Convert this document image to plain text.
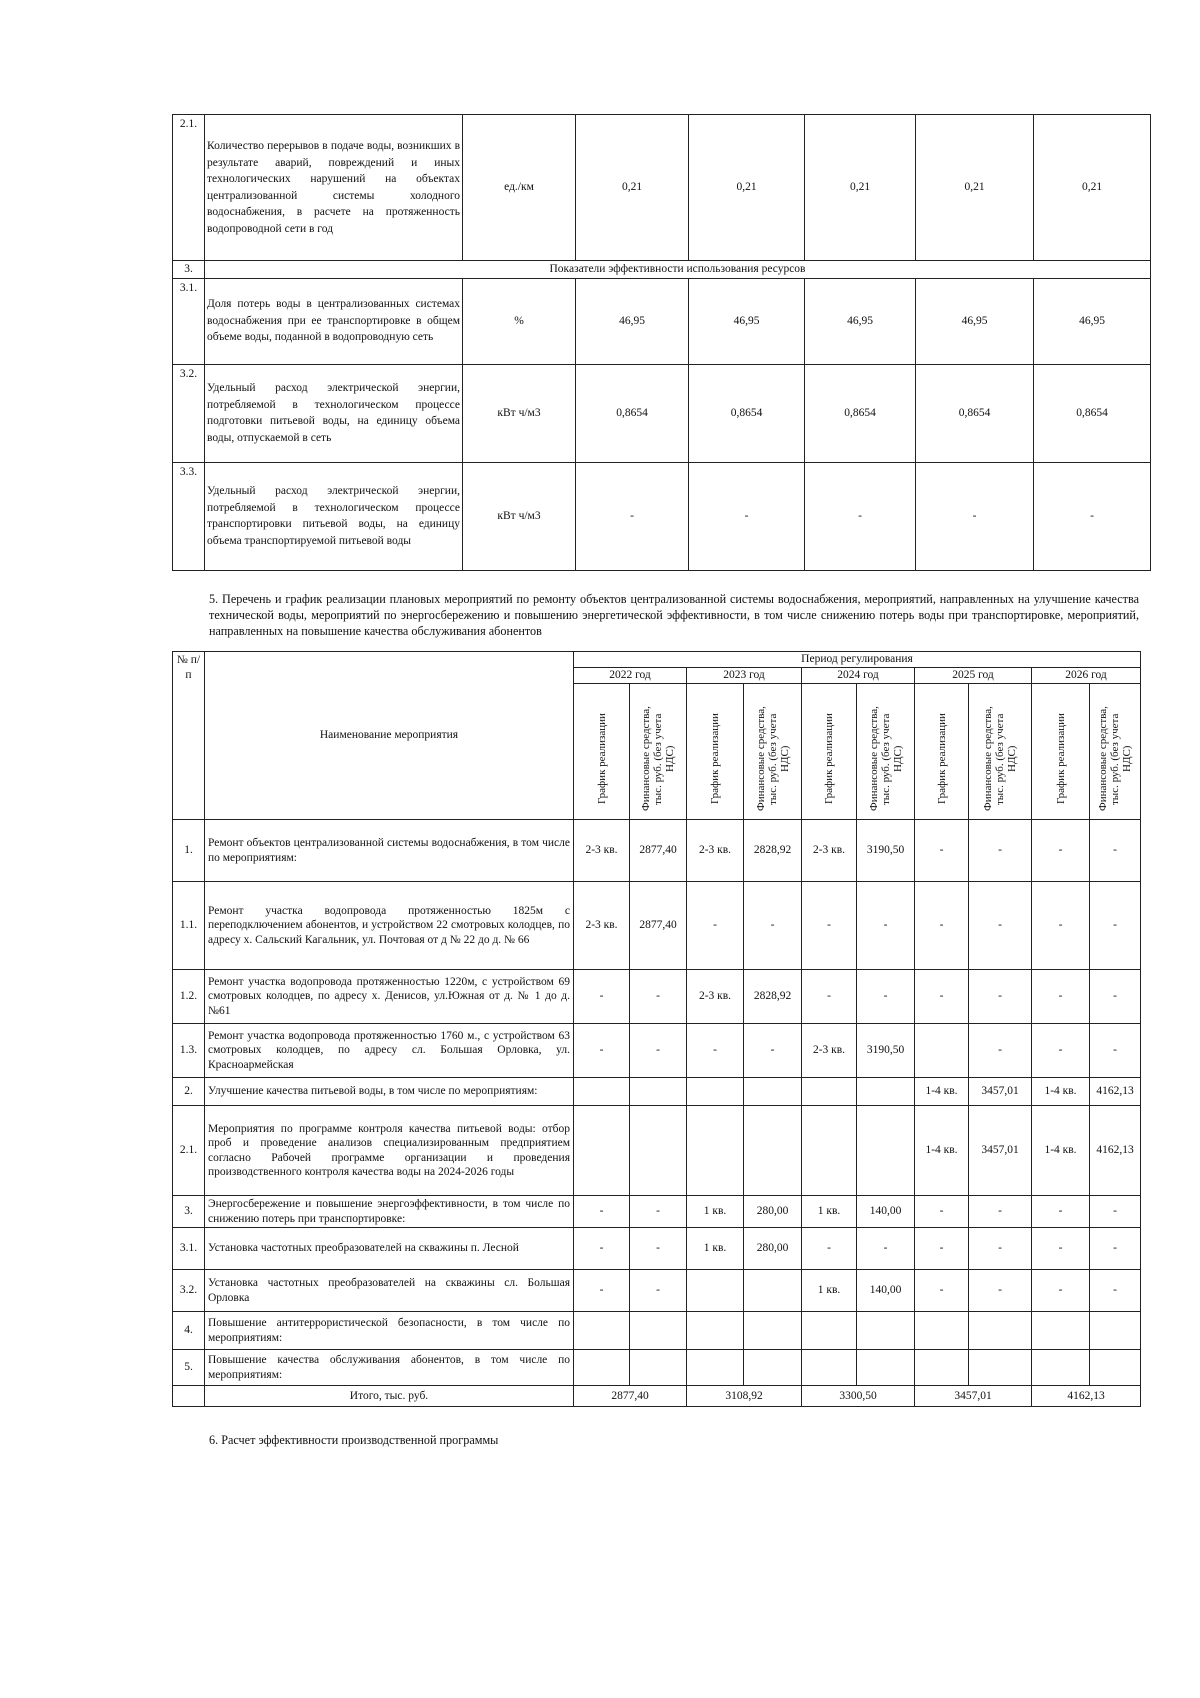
2.1.	Количество перерывов в подаче воды, возникших в результате аварий, повреждений и иных технологических нарушений на объектах централизованной системы холодного водоснабжения, в расчете на протяженность водопроводной сети в год	ед./км	0,21	0,21	0,21	0,21	0,21
3.	Показатели эффективности использования ресурсов						
3.1.	Доля потерь воды в централизованных системах водоснабжения при ее транспортировке в общем объеме воды, поданной в водопроводную сеть	%	46,95	46,95	46,95	46,95	46,95
3.2.	Удельный расход электрической энергии, потребляемой в технологическом процессе подготовки питьевой воды, на единицу объема воды, отпускаемой в сеть	кВт ч/м3	0,8654	0,8654	0,8654	0,8654	0,8654
3.3.	Удельный расход электрической энергии, потребляемой в технологическом процессе транспортировки питьевой воды, на единицу объема транспортируемой питьевой воды	кВт ч/м3	-	-	-	-	-
5. Перечень и график реализации плановых мероприятий по ремонту объектов централизованной системы водоснабжения, мероприятий, направленных на улучшение качества технической воды, мероприятий по энергосбережению и повышению энергетической эффективности, в том числе снижению потерь воды при транспортировке, мероприятий, направленных на повышение качества обслуживания абонентов
№ п/п	Наименование мероприятия	Период регулирования									
		2022 год		2023 год		2024 год		2025 год		2026 год	

		График реализации	Финансовые средства, тыс. руб. (без учета НДС)	График реализации	Финансовые средства, тыс. руб. (без учета НДС)	График реализации	Финансовые средства, тыс. руб. (без учета НДС)	График реализации	Финансовые средства, тыс. руб. (без учета НДС)	График реализации	Финансовые средства, тыс. руб. (без учета НДС)

1.	Ремонт объектов централизованной системы водоснабжения, в том числе по мероприятиям:	2-3 кв.	2877,40	2-3 кв.	2828,92	2-3 кв.	3190,50	-	-	-	-
1.1.	Ремонт участка водопровода протяженностью 1825м с переподключением абонентов, и устройством 22 смотровых колодцев, по адресу х. Сальский Кагальник, ул. Почтовая от д № 22 до д. № 66	2-3 кв.	2877,40	-	-	-	-	-	-	-	-
1.2.	Ремонт участка водопровода протяженностью 1220м, с устройством 69 смотровых колодцев, по адресу х. Денисов, ул.Южная от д. № 1 до д. №61	-	-	2-3 кв.	2828,92	-	-	-	-	-	-
1.3.	Ремонт участка водопровода протяженностью 1760 м., с устройством 63 смотровых колодцев, по адресу сл. Большая Орловка, ул. Красноармейская	-	-	-	-	2-3 кв.	3190,50		-	-	-
2.	Улучшение качества питьевой воды, в том числе по мероприятиям:							1-4 кв.	3457,01	1-4 кв.	4162,13
2.1.	Мероприятия по программе контроля качества питьевой воды: отбор проб и проведение анализов специализированным предприятием согласно Рабочей программе организации и проведения производственного контроля качества воды на 2024-2026 годы							1-4 кв.	3457,01	1-4 кв.	4162,13
3.	Энергосбережение и повышение энергоэффективности, в том числе по снижению потерь при транспортировке:	-	-	1 кв.	280,00	1 кв.	140,00	-	-	-	-
3.1.	Установка частотных преобразователей на скважины п. Лесной	-	-	1 кв.	280,00	-	-	-	-	-	-
3.2.	Установка частотных преобразователей на скважины сл. Большая Орловка	-	-			1 кв.	140,00	-	-	-	-
4.	Повышение антитеррористической безопасности, в том числе по мероприятиям:										
5.	Повышение качества обслуживания абонентов, в том числе по мероприятиям:										
	Итого, тыс. руб.	2877,40		3108,92		3300,50		3457,01		4162,13	
6. Расчет эффективности производственной программы
